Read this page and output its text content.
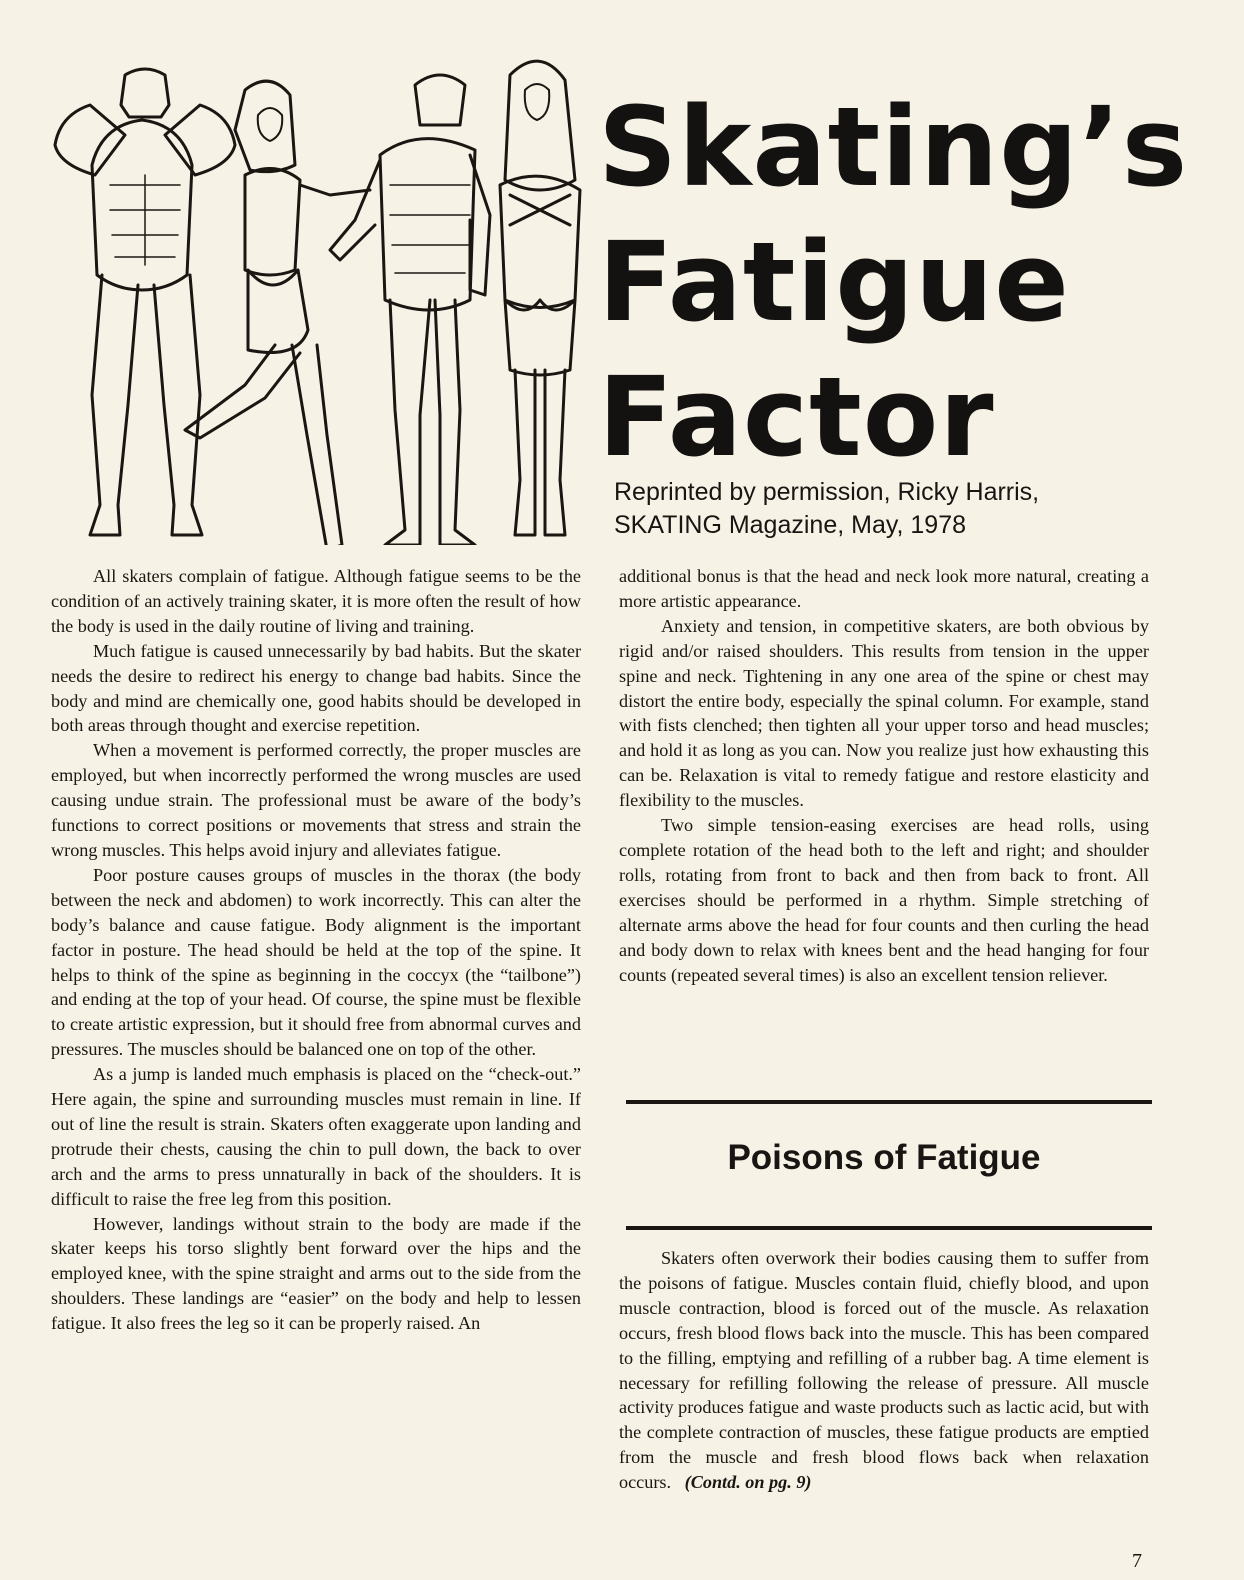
Skating’s
Fatigue
Factor
Reprinted by permission, Ricky Harris,
SKATING Magazine, May, 1978

All skaters complain of fatigue. Although fatigue seems to be the condition of an actively training skater, it is more often the result of how the body is used in the daily routine of living and training.

Much fatigue is caused unnecessarily by bad habits. But the skater needs the desire to redirect his energy to change bad habits. Since the body and mind are chemically one, good habits should be developed in both areas through thought and exercise repetition.

When a movement is performed correctly, the proper muscles are employed, but when incorrectly performed the wrong muscles are used causing undue strain. The professional must be aware of the body’s functions to correct positions or movements that stress and strain the wrong muscles. This helps avoid injury and alleviates fatigue.

Poor posture causes groups of muscles in the thorax (the body between the neck and abdomen) to work incorrectly. This can alter the body’s balance and cause fatigue. Body alignment is the important factor in posture. The head should be held at the top of the spine. It helps to think of the spine as beginning in the coccyx (the “tailbone”) and ending at the top of your head. Of course, the spine must be flexible to create artistic expression, but it should free from abnormal curves and pressures. The muscles should be balanced one on top of the other.

As a jump is landed much emphasis is placed on the “check-out.” Here again, the spine and surrounding muscles must remain in line. If out of line the result is strain. Skaters often exaggerate upon landing and protrude their chests, causing the chin to pull down, the back to over arch and the arms to press unnaturally in back of the shoulders. It is difficult to raise the free leg from this position.

However, landings without strain to the body are made if the skater keeps his torso slightly bent forward over the hips and the employed knee, with the spine straight and arms out to the side from the shoulders. These landings are “easier” on the body and help to lessen fatigue. It also frees the leg so it can be properly raised. An

additional bonus is that the head and neck look more natural, creating a more artistic appearance.

Anxiety and tension, in competitive skaters, are both obvious by rigid and/or raised shoulders. This results from tension in the upper spine and neck. Tightening in any one area of the spine or chest may distort the entire body, especially the spinal column. For example, stand with fists clenched; then tighten all your upper torso and head muscles; and hold it as long as you can. Now you realize just how exhausting this can be. Relaxation is vital to remedy fatigue and restore elasticity and flexibility to the muscles.

Two simple tension-easing exercises are head rolls, using complete rotation of the head both to the left and right; and shoulder rolls, rotating from front to back and then from back to front. All exercises should be performed in a rhythm. Simple stretching of alternate arms above the head for four counts and then curling the head and body down to relax with knees bent and the head hanging for four counts (repeated several times) is also an excellent tension reliever.

Poisons of Fatigue

Skaters often overwork their bodies causing them to suffer from the poisons of fatigue. Muscles contain fluid, chiefly blood, and upon muscle contraction, blood is forced out of the muscle. As relaxation occurs, fresh blood flows back into the muscle. This has been compared to the filling, emptying and refilling of a rubber bag. A time element is necessary for refilling following the release of pressure. All muscle activity produces fatigue and waste products such as lactic acid, but with the complete contraction of muscles, these fatigue products are emptied from the muscle and fresh blood flows back when relaxation occurs. (Contd. on pg. 9)

7
